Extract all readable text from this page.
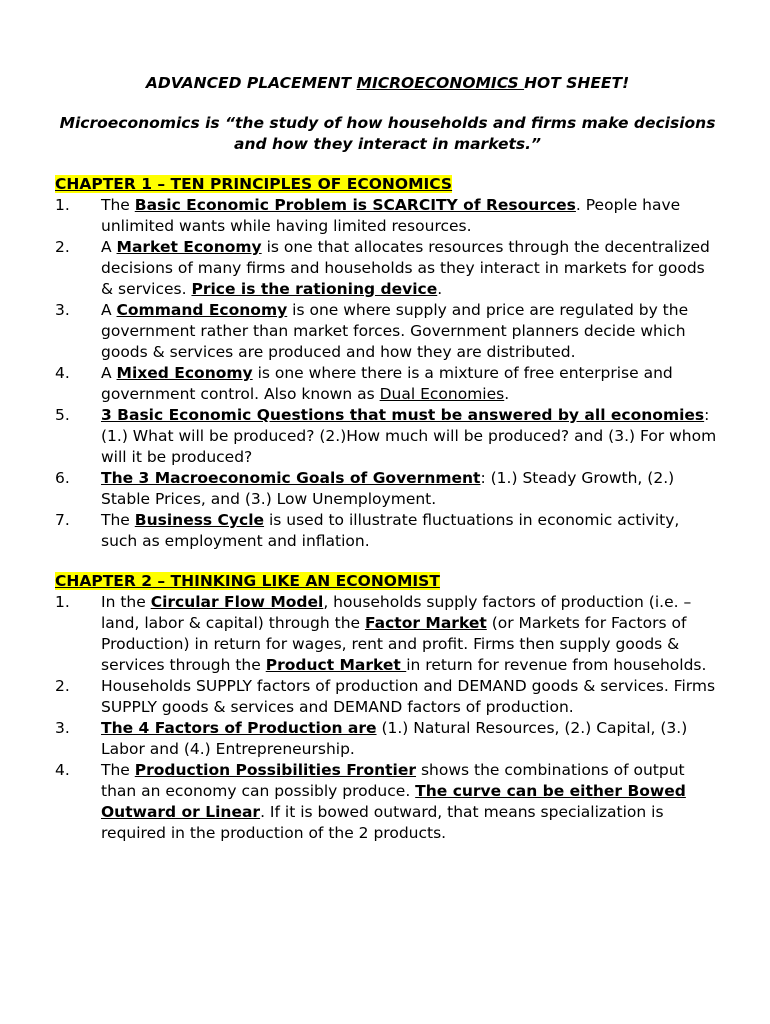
ADVANCED PLACEMENT MICROECONOMICS HOT SHEET!

Microeconomics is “the study of how households and firms make decisions and how they interact in markets.”

CHAPTER 1 – TEN PRINCIPLES OF ECONOMICS

1. The Basic Economic Problem is SCARCITY of Resources. People have unlimited wants while having limited resources.
2. A Market Economy is one that allocates resources through the decentralized decisions of many firms and households as they interact in markets for goods & services. Price is the rationing device.
3. A Command Economy is one where supply and price are regulated by the government rather than market forces. Government planners decide which goods & services are produced and how they are distributed.
4. A Mixed Economy is one where there is a mixture of free enterprise and government control. Also known as Dual Economies.
5. 3 Basic Economic Questions that must be answered by all economies: (1.) What will be produced? (2.)How much will be produced? and (3.) For whom will it be produced?
6. The 3 Macroeconomic Goals of Government: (1.) Steady Growth, (2.) Stable Prices, and (3.) Low Unemployment.
7. The Business Cycle is used to illustrate fluctuations in economic activity, such as employment and inflation.

CHAPTER 2 – THINKING LIKE AN ECONOMIST

1. In the Circular Flow Model, households supply factors of production (i.e. – land, labor & capital) through the Factor Market (or Markets for Factors of Production) in return for wages, rent and profit. Firms then supply goods & services through the Product Market in return for revenue from households.
2. Households SUPPLY factors of production and DEMAND goods & services. Firms SUPPLY goods & services and DEMAND factors of production.
3. The 4 Factors of Production are (1.) Natural Resources, (2.) Capital, (3.) Labor and (4.) Entrepreneurship.
4. The Production Possibilities Frontier shows the combinations of output than an economy can possibly produce. The curve can be either Bowed Outward or Linear. If it is bowed outward, that means specialization is required in the production of the 2 products.
